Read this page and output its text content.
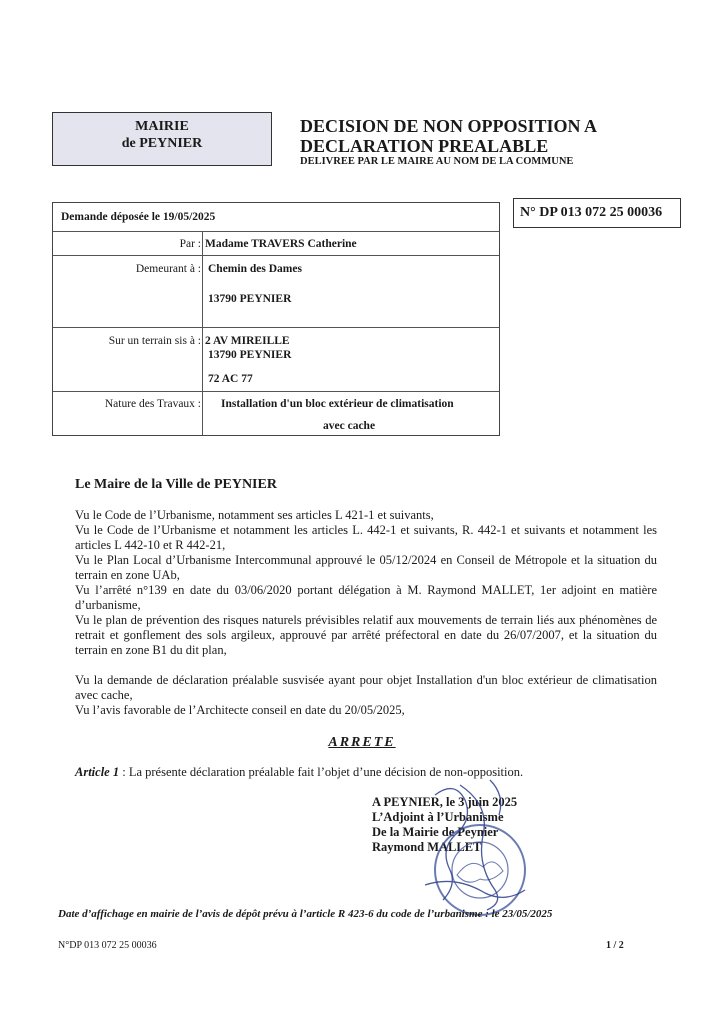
MAIRIE
de PEYNIER
DECISION DE NON OPPOSITION A
DECLARATION PREALABLE
DELIVREE PAR LE MAIRE AU NOM DE LA COMMUNE
N° DP 013 072 25 00036
Demande déposée le 19/05/2025
Par : Madame TRAVERS Catherine
Demeurant à : Chemin des Dames
13790 PEYNIER
Sur un terrain sis à : 2 AV MIREILLE
13790 PEYNIER
72 AC 77
Nature des Travaux : Installation d'un bloc extérieur de climatisation
avec cache
Le Maire de la Ville de PEYNIER
Vu le Code de l’Urbanisme, notamment ses articles L 421-1 et suivants,
Vu le Code de l’Urbanisme et notamment les articles L. 442-1 et suivants, R. 442-1 et suivants et notamment les articles L 442-10 et R 442-21,
Vu le Plan Local d’Urbanisme Intercommunal approuvé le 05/12/2024 en Conseil de Métropole et la situation du terrain en zone UAb,
Vu l’arrêté n°139 en date du 03/06/2020 portant délégation à M. Raymond MALLET, 1er adjoint en matière d’urbanisme,
Vu le plan de prévention des risques naturels prévisibles relatif aux mouvements de terrain liés aux phénomènes de retrait et gonflement des sols argileux, approuvé par arrêté préfectoral en date du 26/07/2007, et la situation du terrain en zone B1 du dit plan,
Vu la demande de déclaration préalable susvisée ayant pour objet Installation d'un bloc extérieur de climatisation avec cache,
Vu l’avis favorable de l’Architecte conseil en date du 20/05/2025,
ARRETE
Article 1 : La présente déclaration préalable fait l’objet d’une décision de non-opposition.
A PEYNIER, le 3 juin 2025
L’Adjoint à l’Urbanisme
De la Mairie de Peynier
Raymond MALLET
Date d’affichage en mairie de l’avis de dépôt prévu à l’article R 423-6 du code de l’urbanisme : le 23/05/2025
N°DP 013 072 25 00036	1 / 2
